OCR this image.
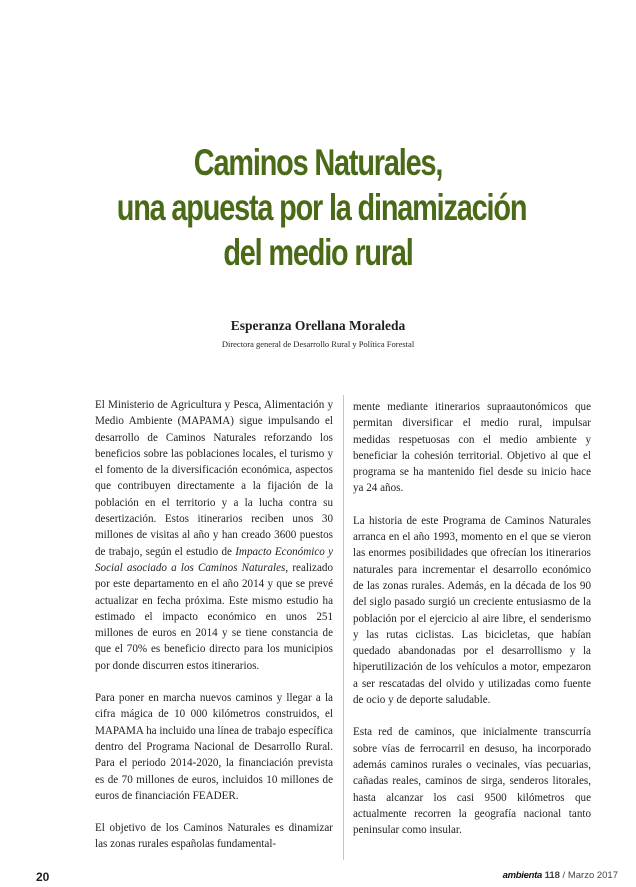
Caminos Naturales,
una apuesta por la dinamización
del medio rural

Esperanza Orellana Moraleda

Directora general de Desarrollo Rural y Política Forestal

El Ministerio de Agricultura y Pesca, Alimentación y Medio Ambiente (MAPAMA) sigue impulsando el desarrollo de Caminos Naturales reforzando los beneficios sobre las poblaciones locales, el turismo y el fomento de la diversificación económica, aspectos que contribuyen directamente a la fijación de la población en el territorio y a la lucha contra su desertización. Estos itinerarios reciben unos 30 millones de visitas al año y han creado 3600 puestos de trabajo, según el estudio de Impacto Económico y Social asociado a los Caminos Naturales, realizado por este departamento en el año 2014 y que se prevé actualizar en fecha próxima. Este mismo estudio ha estimado el impacto económico en unos 251 millones de euros en 2014 y se tiene constancia de que el 70% es beneficio directo para los municipios por donde discurren estos itinerarios.

Para poner en marcha nuevos caminos y llegar a la cifra mágica de 10 000 kilómetros construidos, el MAPAMA ha incluido una línea de trabajo específica dentro del Programa Nacional de Desarrollo Rural. Para el periodo 2014-2020, la financiación prevista es de 70 millones de euros, incluidos 10 millones de euros de financiación FEADER.

El objetivo de los Caminos Naturales es dinamizar las zonas rurales españolas fundamental-

mente mediante itinerarios supraautonómicos que permitan diversificar el medio rural, impulsar medidas respetuosas con el medio ambiente y beneficiar la cohesión territorial. Objetivo al que el programa se ha mantenido fiel desde su inicio hace ya 24 años.

La historia de este Programa de Caminos Naturales arranca en el año 1993, momento en el que se vieron las enormes posibilidades que ofrecían los itinerarios naturales para incrementar el desarrollo económico de las zonas rurales. Además, en la década de los 90 del siglo pasado surgió un creciente entusiasmo de la población por el ejercicio al aire libre, el senderismo y las rutas ciclistas. Las bicicletas, que habían quedado abandonadas por el desarrollismo y la hiperutilización de los vehículos a motor, empezaron a ser rescatadas del olvido y utilizadas como fuente de ocio y de deporte saludable.

Esta red de caminos, que inicialmente transcurría sobre vías de ferrocarril en desuso, ha incorporado además caminos rurales o vecinales, vías pecuarias, cañadas reales, caminos de sirga, senderos litorales, hasta alcanzar los casi 9500 kilómetros que actualmente recorren la geografía nacional tanto peninsular como insular.

20	ambienta 118 / Marzo 2017
